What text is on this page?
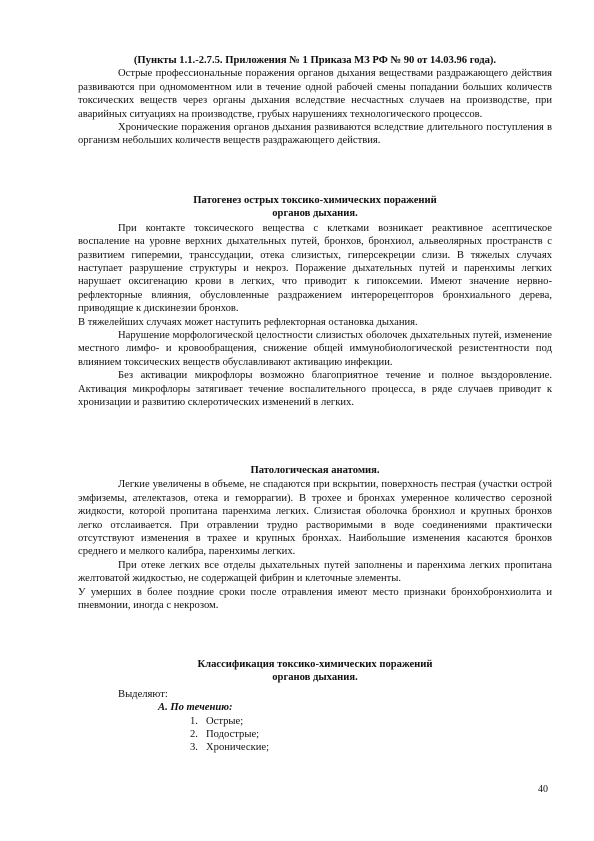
(Пункты 1.1.-2.7.5. Приложения № 1 Приказа МЗ РФ № 90 от 14.03.96 года).

Острые профессиональные поражения органов дыхания веществами раздражающего действия развиваются при одномоментном или в течение одной рабочей смены попадании больших количеств токсических веществ через органы дыхания вследствие несчастных случаев на производстве, при аварийных ситуациях на производстве, грубых нарушениях технологического процессов.

Хронические поражения органов дыхания развиваются вследствие длительного поступления в организм небольших количеств веществ раздражающего действия.

Патогенез острых токсико-химических поражений
органов дыхания.

При контакте токсического вещества с клетками возникает реактивное асептическое воспаление на уровне верхних дыхательных путей, бронхов, бронхиол, альвеолярных пространств с развитием гиперемии, трансcудации, отека слизистых, гиперсекреции слизи. В тяжелых случаях наступает разрушение структуры и некроз. Поражение дыхательных путей и паренхимы легких нарушает оксигенацию крови в легких, что приводит к гипоксемии. Имеют значение нервно-рефлекторные влияния, обусловленные раздражением интерорецепторов бронхиального дерева, приводящие к дискинезии бронхов.

В тяжелейших случаях может наступить рефлекторная остановка дыхания.

Нарушение морфологической целостности слизистых оболочек дыхательных путей, изменение местного лимфо- и кровообращения, снижение общей иммунобиологической резистентности под влиянием токсических веществ обуславливают активацию инфекции.

Без активации микрофлоры возможно благоприятное течение и полное выздоровление. Активация микрофлоры затягивает течение воспалительного процесса, в ряде случаев приводит к хронизации и развитию склеротических изменений в легких.

Патологическая анатомия.

Легкие увеличены в объеме, не спадаются при вскрытии, поверхность пестрая (участки острой эмфиземы, ателектазов, отека и геморрагии). В трохее и бронхах умеренное количество серозной жидкости, которой пропитана паренхима легких. Слизистая оболочка бронхиол и крупных бронхов легко отслаивается. При отравлении трудно растворимыми в воде соединениями практически отсутствуют изменения в трахее и крупных бронхах. Наибольшие изменения касаются бронхов среднего и мелкого калибра, паренхимы легких.

При отеке легких все отделы дыхательных путей заполнены и паренхима легких пропитана желтоватой жидкостью, не содержащей фибрин и клеточные элементы.

У умерших в более поздние сроки после отравления имеют место признаки бронхобронхиолита и пневмонии, иногда с некрозом.

Классификация токсико-химических поражений
органов дыхания.
Выделяют:
А. По течению:
1. Острые;
2. Подострые;
3. Хронические;
40
